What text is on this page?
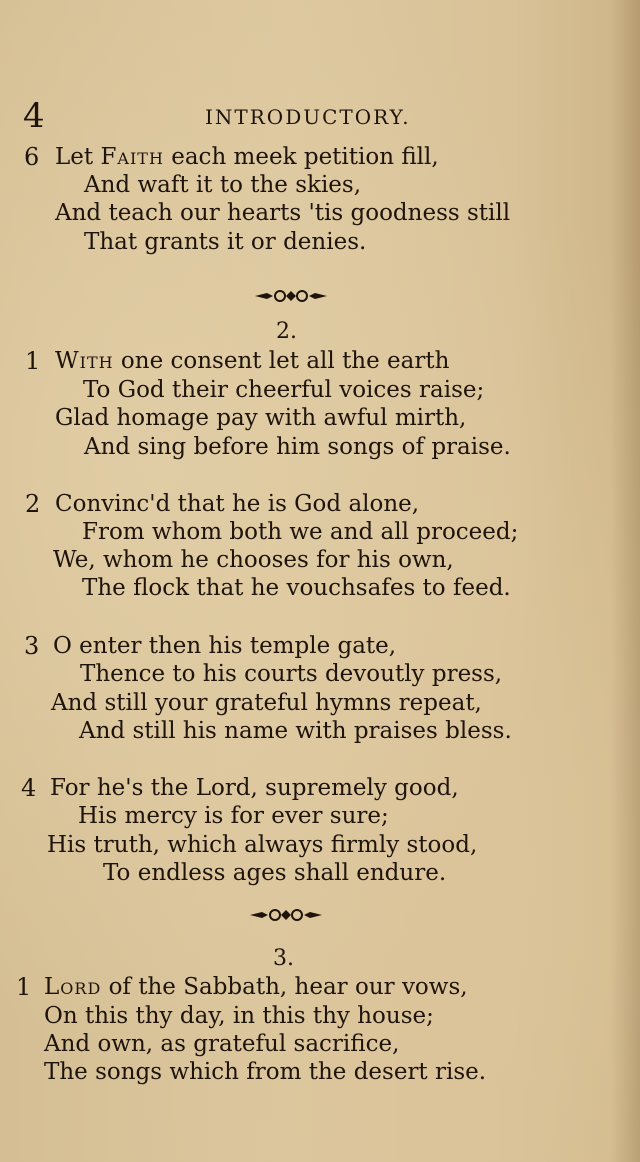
4	INTRODUCTORY.
6 Let Faith each meek petition fill,
And waft it to the skies,
And teach our hearts 'tis goodness still
That grants it or denies.
2.
1 With one consent let all the earth
To God their cheerful voices raise;
Glad homage pay with awful mirth,
And sing before him songs of praise.
2 Convinc'd that he is God alone,
From whom both we and all proceed;
We, whom he chooses for his own,
The flock that he vouchsafes to feed.
3 O enter then his temple gate,
Thence to his courts devoutly press,
And still your grateful hymns repeat,
And still his name with praises bless.
4 For he's the Lord, supremely good,
His mercy is for ever sure;
His truth, which always firmly stood,
To endless ages shall endure.
3.
1 Lord of the Sabbath, hear our vows,
On this thy day, in this thy house;
And own, as grateful sacrifice,
The songs which from the desert rise.
